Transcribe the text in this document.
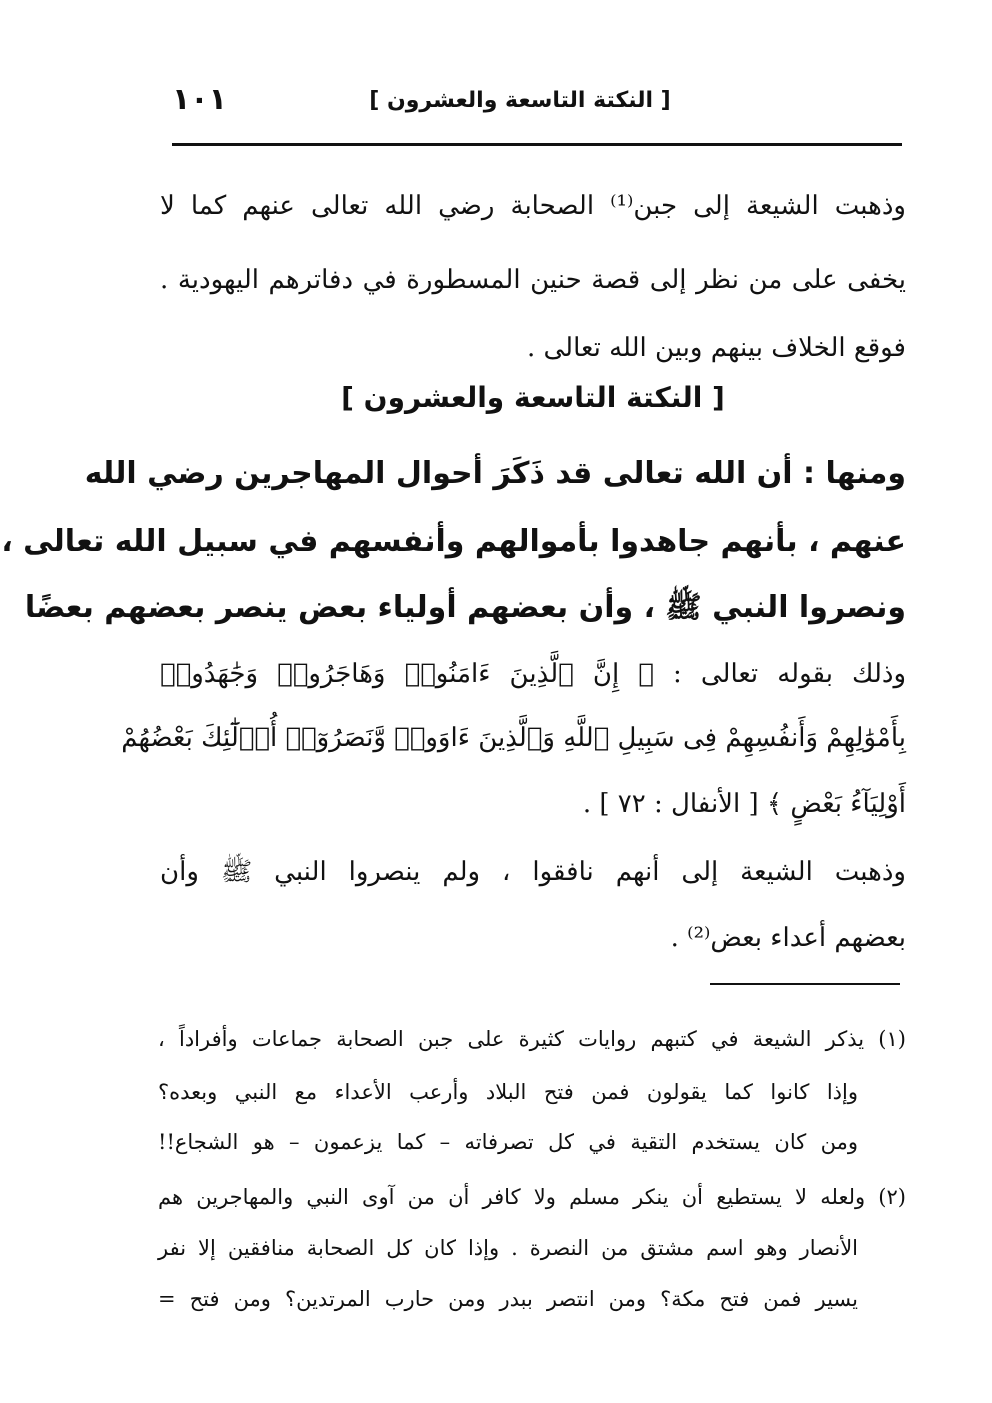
[ النكتة التاسعة والعشرون ]
١٠١
وذهبت الشيعة إلى جبن⁽¹⁾ الصحابة رضي الله تعالى عنهم كما لا
يخفى على من نظر إلى قصة حنين المسطورة في دفاترهم اليهودية .
فوقع الخلاف بينهم وبين الله تعالى .
[ النكتة التاسعة والعشرون ]
ومنها : أن الله تعالى قد ذَكَرَ أحوال المهاجرين رضي الله
عنهم ، بأنهم جاهدوا بأموالهم وأنفسهم في سبيل الله تعالى ،
ونصروا النبي ﷺ ، وأن بعضهم أولياء بعض ينصر بعضهم بعضًا
وذلك بقوله تعالى : ﴿ إِنَّ ٱلَّذِينَ ءَامَنُوا۟ وَهَاجَرُوا۟ وَجَٰهَدُوا۟
بِأَمْوَٰلِهِمْ وَأَنفُسِهِمْ فِى سَبِيلِ ٱللَّهِ وَٱلَّذِينَ ءَاوَوا۟ وَّنَصَرُوٓا۟ أُو۟لَٰٓئِكَ بَعْضُهُمْ
أَوْلِيَآءُ بَعْضٍ ﴾ [ الأنفال : ٧٢ ] .
وذهبت الشيعة إلى أنهم نافقوا ، ولم ينصروا النبي ﷺ وأن
بعضهم أعداء بعض⁽²⁾ .
(١) يذكر الشيعة في كتبهم روايات كثيرة على جبن الصحابة جماعات وأفراداً ،
وإذا كانوا كما يقولون فمن فتح البلاد وأرعب الأعداء مع النبي وبعده؟
ومن كان يستخدم التقية في كل تصرفاته – كما يزعمون – هو الشجاع!!
(٢) ولعله لا يستطيع أن ينكر مسلم ولا كافر أن من آوى النبي والمهاجرين هم
الأنصار وهو اسم مشتق من النصرة . وإذا كان كل الصحابة منافقين إلا نفر
يسير فمن فتح مكة؟ ومن انتصر ببدر ومن حارب المرتدين؟ ومن فتح =
